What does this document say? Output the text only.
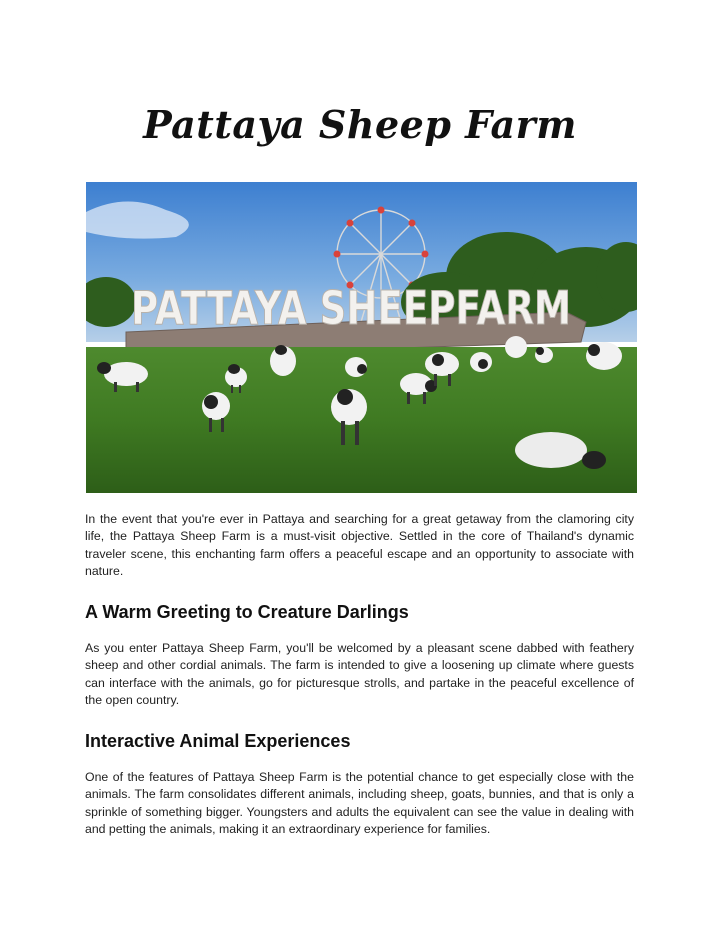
Pattaya Sheep Farm
PATTAYA SHEEPFARM

In the event that you're ever in Pattaya and searching for a great getaway from the clamoring city life, the Pattaya Sheep Farm is a must-visit objective. Settled in the core of Thailand's dynamic traveler scene, this enchanting farm offers a peaceful escape and an opportunity to associate with nature.

A Warm Greeting to Creature Darlings

As you enter Pattaya Sheep Farm, you'll be welcomed by a pleasant scene dabbed with feathery sheep and other cordial animals. The farm is intended to give a loosening up climate where guests can interface with the animals, go for picturesque strolls, and partake in the peaceful excellence of the open country.

Interactive Animal Experiences

One of the features of Pattaya Sheep Farm is the potential chance to get especially close with the animals. The farm consolidates different animals, including sheep, goats, bunnies, and that is only a sprinkle of something bigger. Youngsters and adults the equivalent can see the value in dealing with and petting the animals, making it an extraordinary experience for families.
